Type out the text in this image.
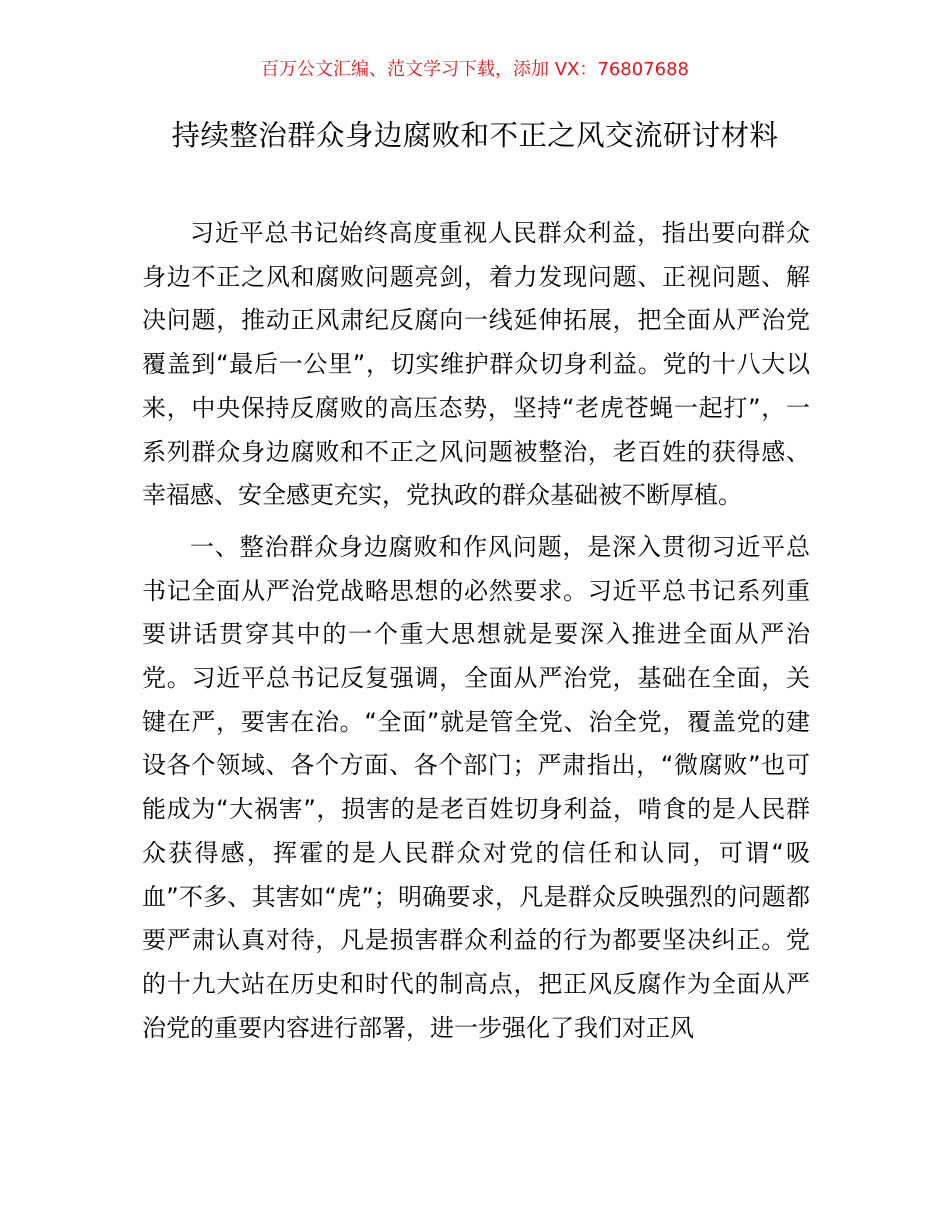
百万公文汇编、范文学习下载，添加 VX：76807688
持续整治群众身边腐败和不正之风交流研讨材料

习近平总书记始终高度重视人民群众利益，指出要向群众身边不正之风和腐败问题亮剑，着力发现问题、正视问题、解决问题，推动正风肃纪反腐向一线延伸拓展，把全面从严治党覆盖到“最后一公里”，切实维护群众切身利益。党的十八大以来，中央保持反腐败的高压态势，坚持“老虎苍蝇一起打”，一系列群众身边腐败和不正之风问题被整治，老百姓的获得感、幸福感、安全感更充实，党执政的群众基础被不断厚植。

一、整治群众身边腐败和作风问题，是深入贯彻习近平总书记全面从严治党战略思想的必然要求。习近平总书记系列重要讲话贯穿其中的一个重大思想就是要深入推进全面从严治党。习近平总书记反复强调，全面从严治党，基础在全面，关键在严，要害在治。“全面”就是管全党、治全党，覆盖党的建设各个领域、各个方面、各个部门；严肃指出，“微腐败”也可能成为“大祸害”，损害的是老百姓切身利益，啃食的是人民群众获得感，挥霍的是人民群众对党的信任和认同，可谓“吸血”不多、其害如“虎”；明确要求，凡是群众反映强烈的问题都要严肃认真对待，凡是损害群众利益的行为都要坚决纠正。党的十九大站在历史和时代的制高点，把正风反腐作为全面从严治党的重要内容进行部署，进一步强化了我们对正风
